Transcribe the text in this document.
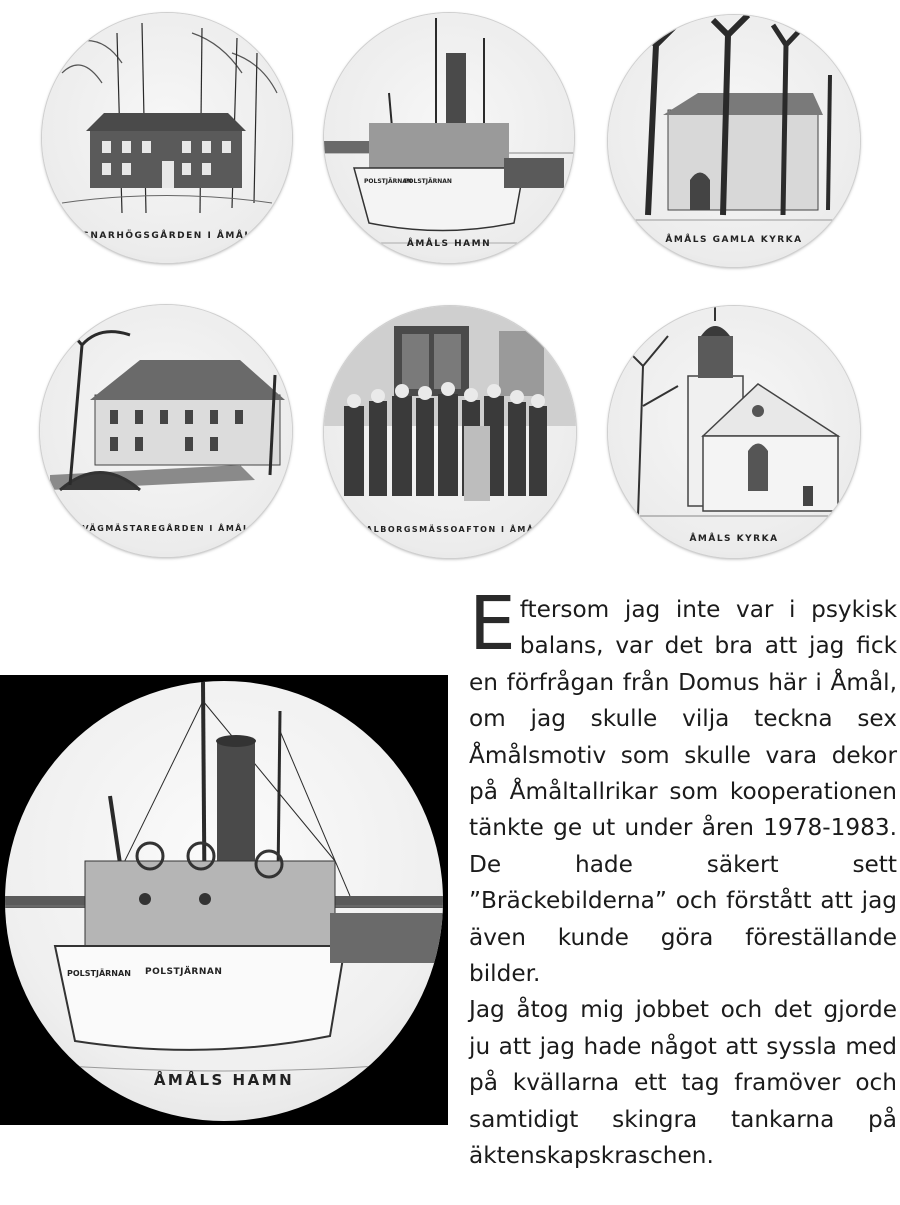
SNARHÖGSGÅRDEN I ÅMÅL
POLSTJÄRNAN
POLSTJÄRNAN
ÅMÅLS HAMN	ÅMÅLS GAMLA KYRKA
VÄGMÄSTAREGÅRDEN I ÅMÅL	VALBORGSMÄSSOAFTON I ÅMÅL
ÅMÅLS KYRKA
POLSTJÄRNAN POLSTJÄRNAN
ÅMÅLS HAMN

Eftersom jag inte var i psykisk balans, var det bra att jag fick en förfrågan från Domus här i Åmål, om jag skulle vilja teckna sex Åmålsmotiv som skulle vara dekor på Åmåltallrikar som kooperationen tänkte ge ut under åren 1978-1983. De hade säkert sett ”Bräckebilderna” och förstått att jag även kunde göra föreställande bilder.

Jag åtog mig jobbet och det gjorde ju att jag hade något att syssla med på kvällarna ett tag framöver och samtidigt skingra tankarna på äktenskapskraschen.
